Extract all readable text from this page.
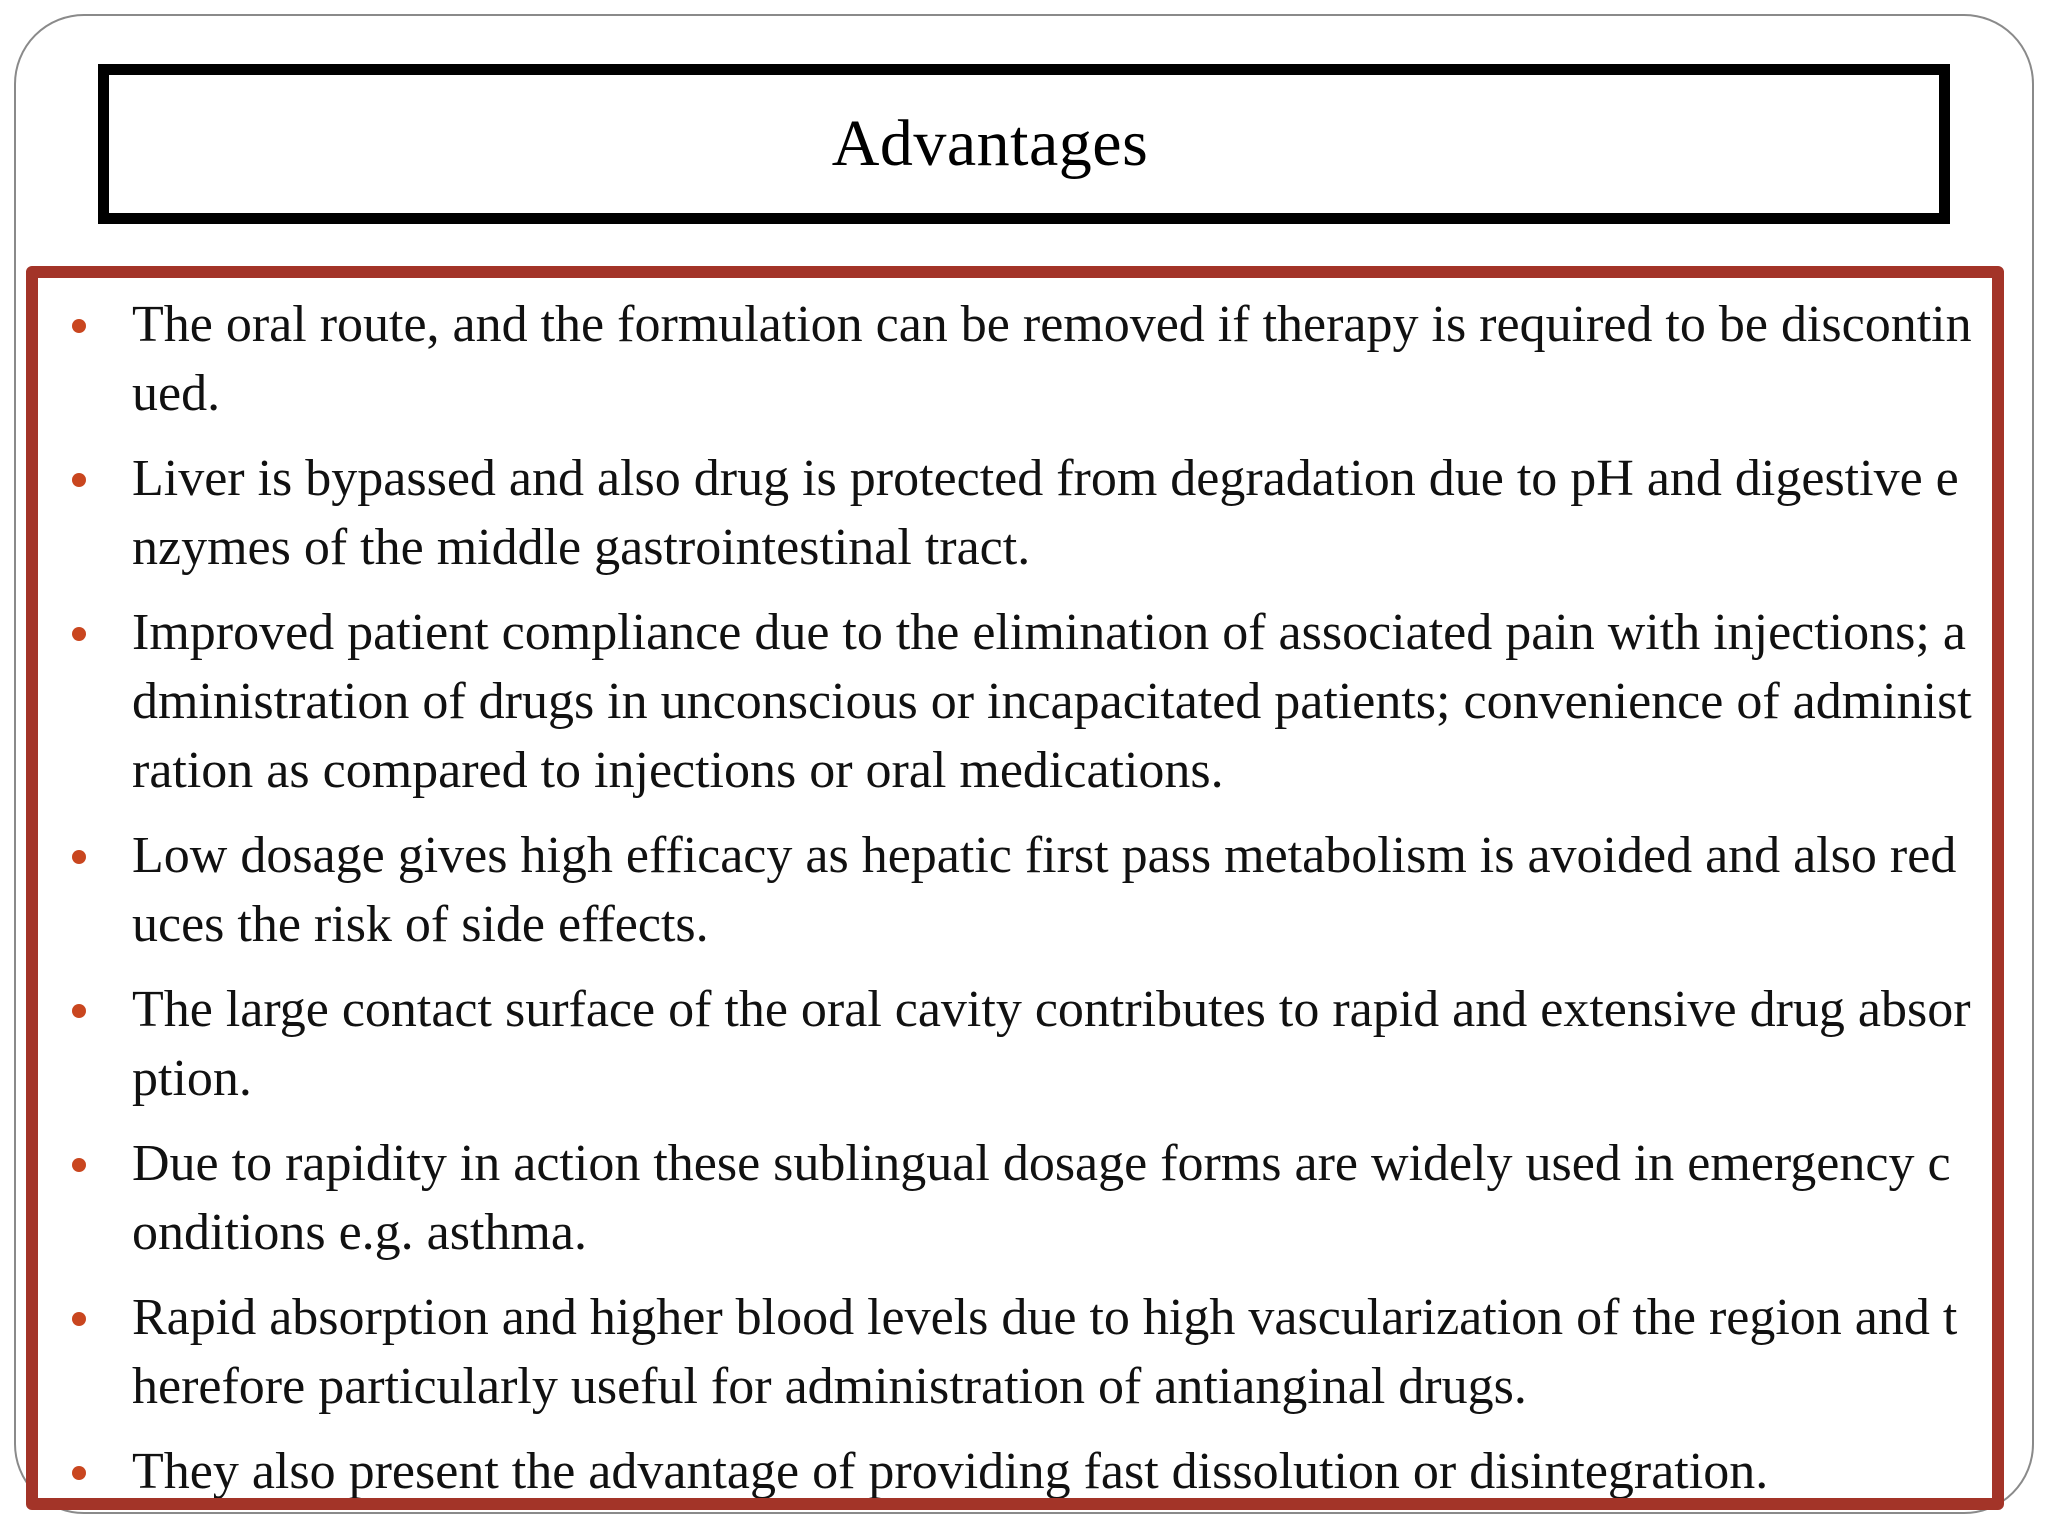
Advantages
The oral route, and the formulation can be removed if therapy is required to be discontinued.
Liver is bypassed and also drug is protected from degradation due to pH and digestive enzymes of the middle gastrointestinal tract.
Improved patient compliance due to the elimination of associated pain with injections; administration of drugs in unconscious or incapacitated patients; convenience of administration as compared to injections or oral medications.
Low dosage gives high efficacy as hepatic first pass metabolism is avoided and also reduces the risk of side effects.
The large contact surface of the oral cavity contributes to rapid and extensive drug absorption.
Due to rapidity in action these sublingual dosage forms are widely used in emergency conditions e.g. asthma.
Rapid absorption and higher blood levels due to high vascularization of the region and therefore particularly useful for administration of antianginal drugs.
They also present the advantage of providing fast dissolution or disintegration.
